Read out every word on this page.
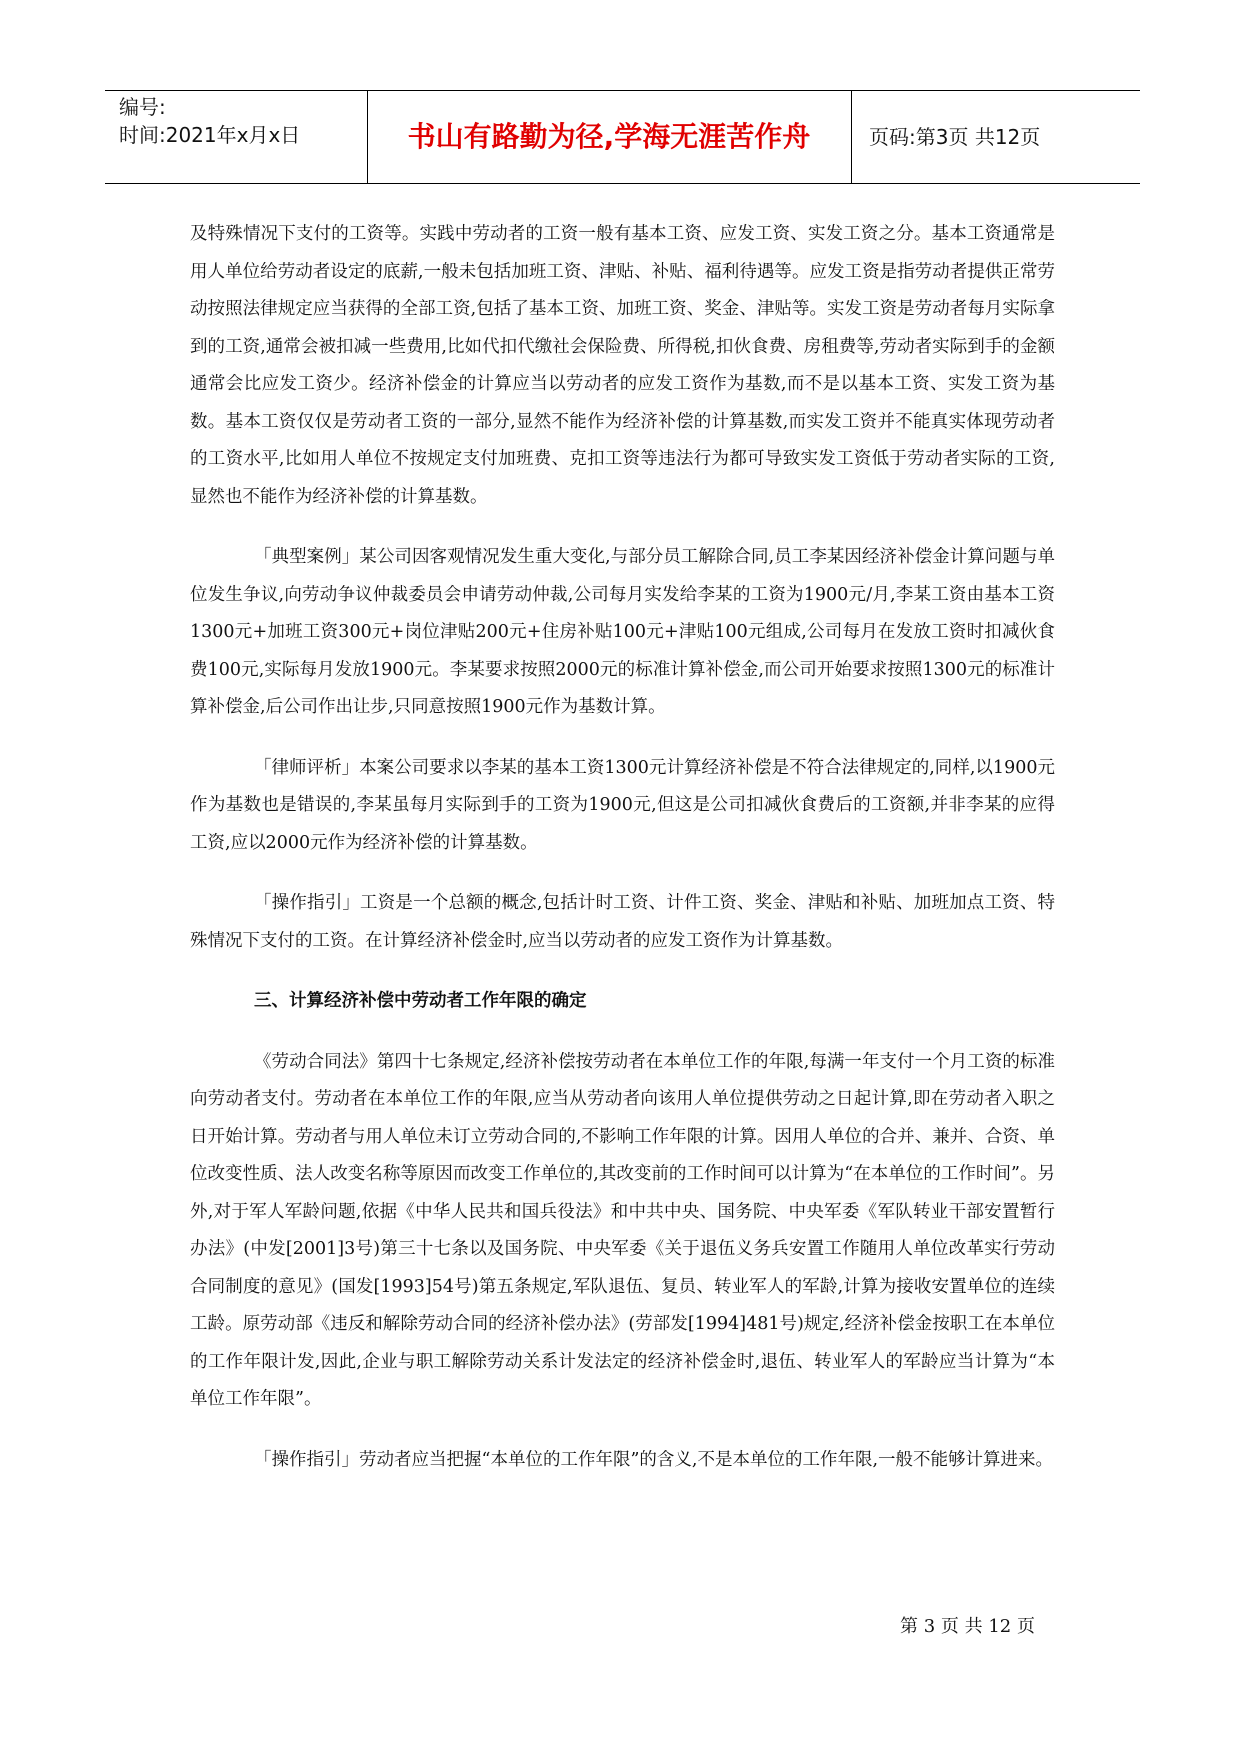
编号:
时间:2021年x月x日	书山有路勤为径,学海无涯苦作舟	页码:第3页 共12页

及特殊情况下支付的工资等。实践中劳动者的工资一般有基本工资、应发工资、实发工资之分。基本工资通常是用人单位给劳动者设定的底薪,一般未包括加班工资、津贴、补贴、福利待遇等。应发工资是指劳动者提供正常劳动按照法律规定应当获得的全部工资,包括了基本工资、加班工资、奖金、津贴等。实发工资是劳动者每月实际拿到的工资,通常会被扣减一些费用,比如代扣代缴社会保险费、所得税,扣伙食费、房租费等,劳动者实际到手的金额通常会比应发工资少。经济补偿金的计算应当以劳动者的应发工资作为基数,而不是以基本工资、实发工资为基数。基本工资仅仅是劳动者工资的一部分,显然不能作为经济补偿的计算基数,而实发工资并不能真实体现劳动者的工资水平,比如用人单位不按规定支付加班费、克扣工资等违法行为都可导致实发工资低于劳动者实际的工资,显然也不能作为经济补偿的计算基数。

「典型案例」某公司因客观情况发生重大变化,与部分员工解除合同,员工李某因经济补偿金计算问题与单位发生争议,向劳动争议仲裁委员会申请劳动仲裁,公司每月实发给李某的工资为1900元/月,李某工资由基本工资1300元+加班工资300元+岗位津贴200元+住房补贴100元+津贴100元组成,公司每月在发放工资时扣减伙食费100元,实际每月发放1900元。李某要求按照2000元的标准计算补偿金,而公司开始要求按照1300元的标准计算补偿金,后公司作出让步,只同意按照1900元作为基数计算。

「律师评析」本案公司要求以李某的基本工资1300元计算经济补偿是不符合法律规定的,同样,以1900元作为基数也是错误的,李某虽每月实际到手的工资为1900元,但这是公司扣减伙食费后的工资额,并非李某的应得工资,应以2000元作为经济补偿的计算基数。

「操作指引」工资是一个总额的概念,包括计时工资、计件工资、奖金、津贴和补贴、加班加点工资、特殊情况下支付的工资。在计算经济补偿金时,应当以劳动者的应发工资作为计算基数。

三、计算经济补偿中劳动者工作年限的确定

《劳动合同法》第四十七条规定,经济补偿按劳动者在本单位工作的年限,每满一年支付一个月工资的标准向劳动者支付。劳动者在本单位工作的年限,应当从劳动者向该用人单位提供劳动之日起计算,即在劳动者入职之日开始计算。劳动者与用人单位未订立劳动合同的,不影响工作年限的计算。因用人单位的合并、兼并、合资、单位改变性质、法人改变名称等原因而改变工作单位的,其改变前的工作时间可以计算为“在本单位的工作时间”。另外,对于军人军龄问题,依据《中华人民共和国兵役法》和中共中央、国务院、中央军委《军队转业干部安置暂行办法》(中发[2001]3号)第三十七条以及国务院、中央军委《关于退伍义务兵安置工作随用人单位改革实行劳动合同制度的意见》(国发[1993]54号)第五条规定,军队退伍、复员、转业军人的军龄,计算为接收安置单位的连续工龄。原劳动部《违反和解除劳动合同的经济补偿办法》(劳部发[1994]481号)规定,经济补偿金按职工在本单位的工作年限计发,因此,企业与职工解除劳动关系计发法定的经济补偿金时,退伍、转业军人的军龄应当计算为“本单位工作年限”。

「操作指引」劳动者应当把握“本单位的工作年限”的含义,不是本单位的工作年限,一般不能够计算进来。

第 3 页 共 12 页
